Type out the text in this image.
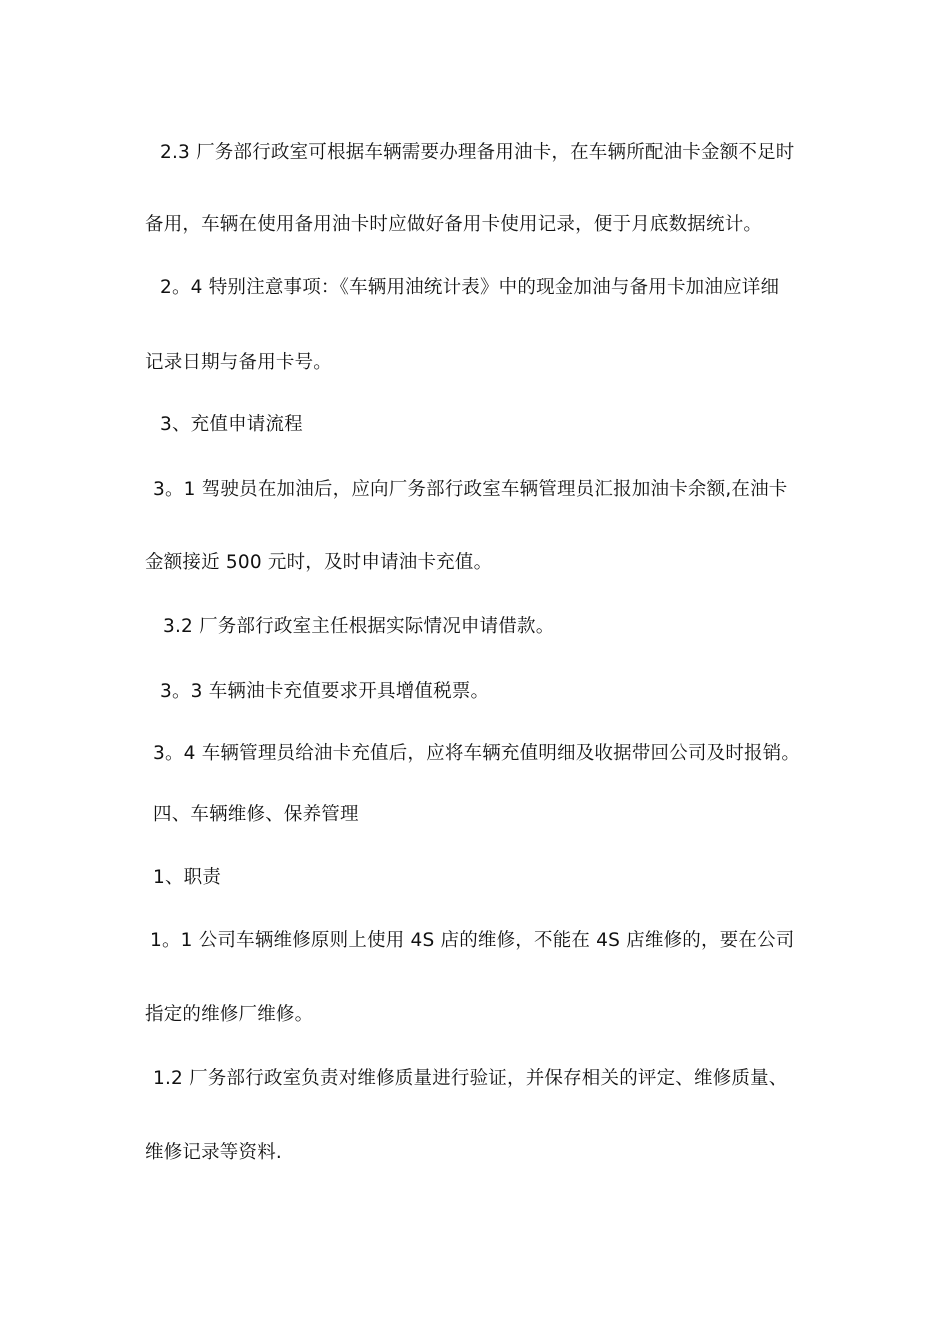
2.3 厂务部行政室可根据车辆需要办理备用油卡，在车辆所配油卡金额不足时
备用，车辆在使用备用油卡时应做好备用卡使用记录，便于月底数据统计。
2。4 特别注意事项：《车辆用油统计表》中的现金加油与备用卡加油应详细
记录日期与备用卡号。
3、充值申请流程
3。1 驾驶员在加油后，应向厂务部行政室车辆管理员汇报加油卡余额,在油卡
金额接近 500 元时，及时申请油卡充值。
3.2 厂务部行政室主任根据实际情况申请借款。
3。3 车辆油卡充值要求开具增值税票。
3。4 车辆管理员给油卡充值后，应将车辆充值明细及收据带回公司及时报销。
四、车辆维修、保养管理
1、职责
1。1 公司车辆维修原则上使用 4S 店的维修，不能在 4S 店维修的，要在公司
指定的维修厂维修。
1.2 厂务部行政室负责对维修质量进行验证，并保存相关的评定、维修质量、
维修记录等资料.
